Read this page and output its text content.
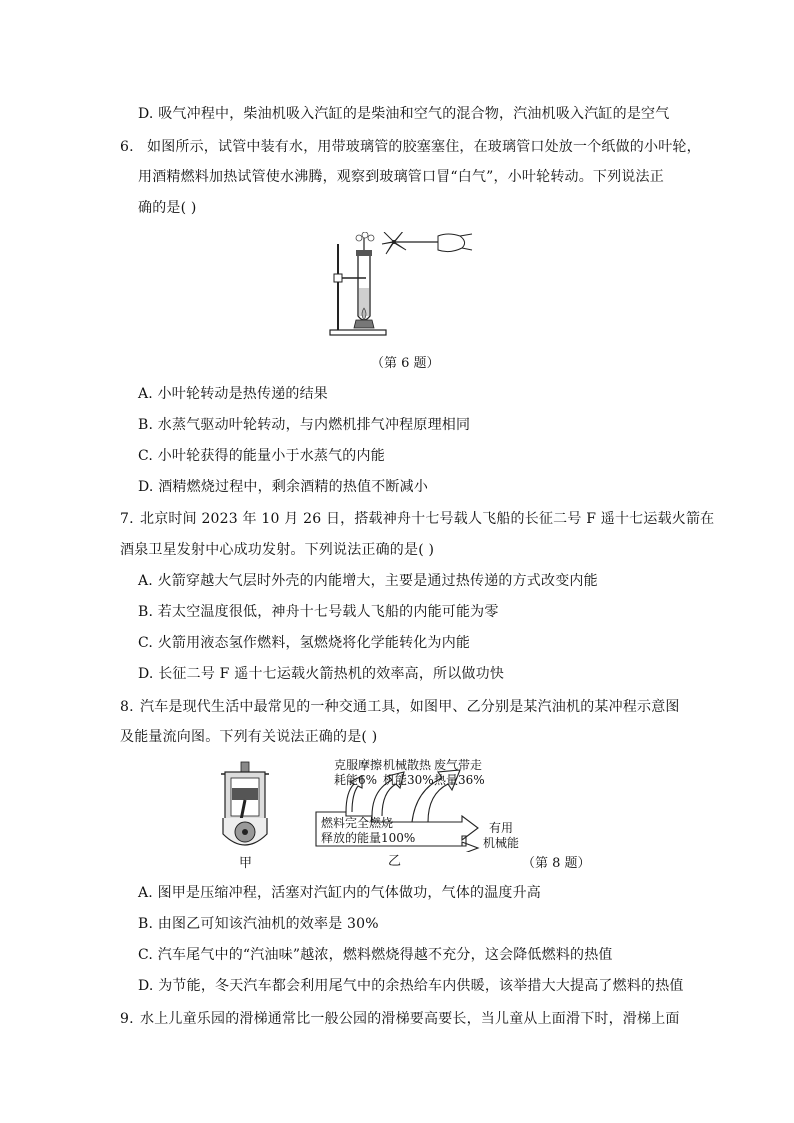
D. 吸气冲程中，柴油机吸入汽缸的是柴油和空气的混合物，汽油机吸入汽缸的是空气
6. 如图所示，试管中装有水，用带玻璃管的胶塞塞住，在玻璃管口处放一个纸做的小叶轮，
用酒精燃料加热试管使水沸腾，观察到玻璃管口冒“白气”，小叶轮转动。下列说法正
确的是( )
（第 6 题）
A. 小叶轮转动是热传递的结果
B. 水蒸气驱动叶轮转动，与内燃机排气冲程原理相同
C. 小叶轮获得的能量小于水蒸气的内能
D. 酒精燃烧过程中，剩余酒精的热值不断减小
7. 北京时间 2023 年 10 月 26 日，搭载神舟十七号载人飞船的长征二号 F 遥十七运载火箭在
酒泉卫星发射中心成功发射。下列说法正确的是( )
A. 火箭穿越大气层时外壳的内能增大，主要是通过热传递的方式改变内能
B. 若太空温度很低，神舟十七号载人飞船的内能可能为零
C. 火箭用液态氢作燃料，氢燃烧将化学能转化为内能
D. 长征二号 F 遥十七运载火箭热机的效率高，所以做功快
8. 汽车是现代生活中最常见的一种交通工具，如图甲、乙分别是某汽油机的某冲程示意图
及能量流向图。下列有关说法正确的是( )
甲
克服摩擦
耗能6%
机械散热
机能30%
废气带走
热量36%
燃料完全燃烧
释放的能量100%
有用
机械能
乙	（第 8 题）
A. 图甲是压缩冲程，活塞对汽缸内的气体做功，气体的温度升高
B. 由图乙可知该汽油机的效率是 30%
C. 汽车尾气中的“汽油味”越浓，燃料燃烧得越不充分，这会降低燃料的热值
D. 为节能，冬天汽车都会利用尾气中的余热给车内供暖，该举措大大提高了燃料的热值
9. 水上儿童乐园的滑梯通常比一般公园的滑梯要高要长，当儿童从上面滑下时，滑梯上面
